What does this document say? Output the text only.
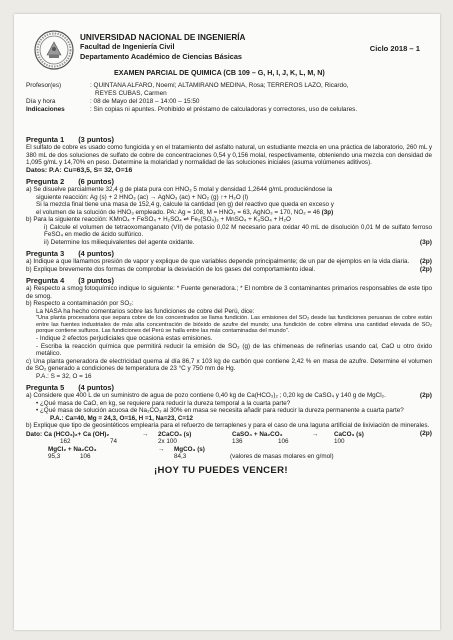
UNIVERSIDAD NACIONAL DE INGENIERÍA
Facultad de Ingeniería Civil
Departamento Académico de Ciencias Básicas
Ciclo 2018 – 1
EXAMEN PARCIAL DE QUIMICA (CB 109 – G, H, I, J, K, L, M, N)
Profesor(es)	: QUINTANA ALFARO, Noemí; ALTAMIRANO MEDINA, Rosa; TERREROS LAZO, Ricardo,
REYES CUBAS, Carmen
Día y hora	: 08 de Mayo del 2018 – 14:00 – 15:50
Indicaciones	: Sin copias ni apuntes. Prohibido el préstamo de calculadoras y correctores, uso de celulares.
Pregunta 1 (3 puntos)

El sulfato de cobre es usado como fungicida y en el tratamiento del asfalto natural, un estudiante mezcla en una práctica de laboratorio, 260 mL y 380 mL de dos soluciones de sulfato de cobre de concentraciones 0,54 y 0,156 molal, respectivamente, obteniendo una mezcla con densidad de 1,095 g/mL y 14,70% en peso. Determine la molaridad y normalidad de las soluciones iniciales (asuma volúmenes aditivos).

Datos: P.A: Cu=63,5, S= 32, O=16

Pregunta 2 (6 puntos)

a) Se disuelve parcialmente 32,4 g de plata pura con HNO₃ 5 molal y densidad 1,2644 g/mL produciéndose la

siguiente reacción: Ag (s) + 2 HNO₃ (ac) → AgNO₃ (ac) + NO₂ (g) ↑+ H₂O (l)

Si la mezcla final tiene una masa de 152,4 g, calcule la cantidad (en g) del reactivo que queda en exceso y

el volumen de la solución de HNO₃ empleado. PA: Ag = 108, M = HNO₃ = 63, AgNO₃ = 170, NO₂ = 46 (3p)

b) Para la siguiente reacción: KMnO₄ + FeSO₄ + H₂SO₄ ⇌ Fe₂(SO₄)₃ + MnSO₄ + K₂SO₄ + H₂O

i) Calcule el volumen de tetraoxomanganato (VII) de potasio 0,02 M necesario para oxidar 40 mL de disolución 0,01 M de sulfato ferroso FeSO₄ en medio de ácido sulfúrico.

(3p)
ii) Determine los miliequivalentes del agente oxidante.

Pregunta 3 (4 puntos)

a) Indique a que llamamos presión de vapor y explique de que variables depende principalmente; de un par de ejemplos en la vida diaria. (2p)

(2p)
b) Explique brevemente dos formas de comprobar la desviación de los gases del comportamiento ideal.

Pregunta 4 (3 puntos)

a) Respecto a smog fotoquímico indique lo siguiente: * Fuente generadora.; * El nombre de 3 contaminantes primarios responsables de este tipo de smog.

b) Respecto a contaminación por SO₂:

La NASA ha hecho comentarios sobre las fundiciones de cobre del Perú, dice:

"Una planta procesadora que separa cobre de los concentrados se llama fundición. Las emisiones del SO₂ desde las fundiciones peruanas de cobre están entre las fuentes industriales de más alta concentración de bióxido de azufre del mundo; una fundición de cobre elimina una cantidad elevada de SO₂ porque contiene sulfuros. Las fundiciones del Perú se halla entre las más contaminadas del mundo".

- Indique 2 efectos perjudiciales que ocasiona estas emisiones.

- Escriba la reacción química que permitirá reducir la emisión de SO₂ (g) de las chimeneas de refinerías usando cal, CaO u otro óxido metálico.

c) Una planta generadora de electricidad quema al día 86,7 x 103 kg de carbón que contiene 2,42 % en masa de azufre. Determine el volumen de SO₂ generado a condiciones de temperatura de 23 °C y 750 mm de Hg.

P.A.: S = 32, O = 16

Pregunta 5 (4 puntos)

a) Considere que 400 L de un suministro de agua de pozo contiene 0,40 kg de Ca(HCO₃)₂ ; 0,20 kg de CaSO₄ y 140 g de MgCl₂.	(2p)

• ¿Qué masa de CaO, en kg, se requiere para reducir la dureza temporal a la cuarta parte?

• ¿Qué masa de solución acuosa de Na₂CO₃ al 30% en masa se necesita añadir para reducir la dureza permanente a cuarta parte?

P.A.: Ca=40, Mg = 24,3, O=16, H =1, Na=23, C=12

b) Explique que tipo de geosintéticos emplearía para el refuerzo de terraplenes y para el caso de una laguna artificial de lixiviación de minerales.
(2p)

Dato: Ca (HCO₃)₂+ Ca (OH)₂	→	2CaCO₃ (s)	CaSO₄ + Na₂CO₃	→	CaCO₃ (s)
162	74	2x 100	136	106	100
MgCl₂ + Na₂CO₃	→	MgCO₃ (s)
95,3	106	84,3	(valores de masas molares en g/mol)
¡HOY TU PUEDES VENCER!
